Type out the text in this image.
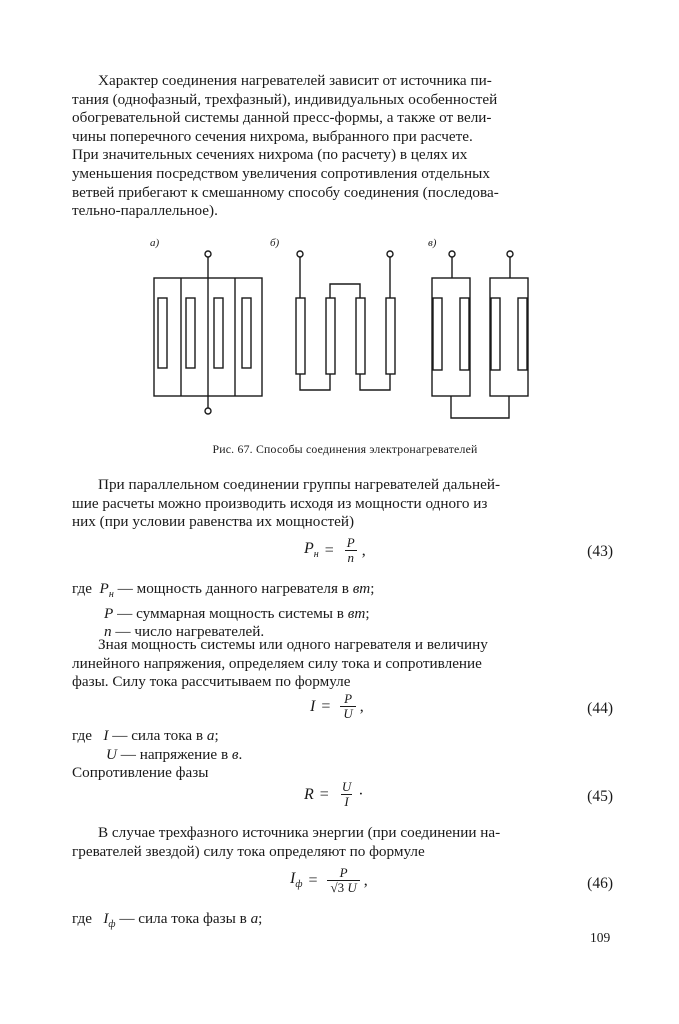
Характер соединения нагревателей зависит от источника пи-
тания (однофазный, трехфазный), индивидуальных особенностей
обогревательной системы данной пресс-формы, а также от вели-
чины поперечного сечения нихрома, выбранного при расчете.
При значительных сечениях нихрома (по расчету) в целях их
уменьшения посредством увеличения сопротивления отдельных
ветвей прибегают к смешанному способу соединения (последова-
тельно-параллельное).
а)	б)	в)
Рис. 67. Способы соединения электронагревателей
При параллельном соединении группы нагревателей дальней-
шие расчеты можно производить исходя из мощности одного из
них (при условии равенства их мощностей)
$P_н = \frac{P}{n}$ ,	(43)
где $P_н$ — мощность данного нагревателя в вт;
P — суммарная мощность системы в вт;
n — число нагревателей.
Зная мощность системы или одного нагревателя и величину
линейного напряжения, определяем силу тока и сопротивление
фазы. Силу тока рассчитываем по формуле
$I = \frac{P}{U}$ ,	(44)
где I — сила тока в а;
U — напряжение в в.
Сопротивление фазы
$R = \frac{U}{I}$ ·	(45)
В случае трехфазного источника энергии (при соединении на-
гревателей звездой) силу тока определяют по формуле
$I_ф = \frac{P}{√3 U}$ ,	(46)
где $I_ф$ — сила тока фазы в а;
109
